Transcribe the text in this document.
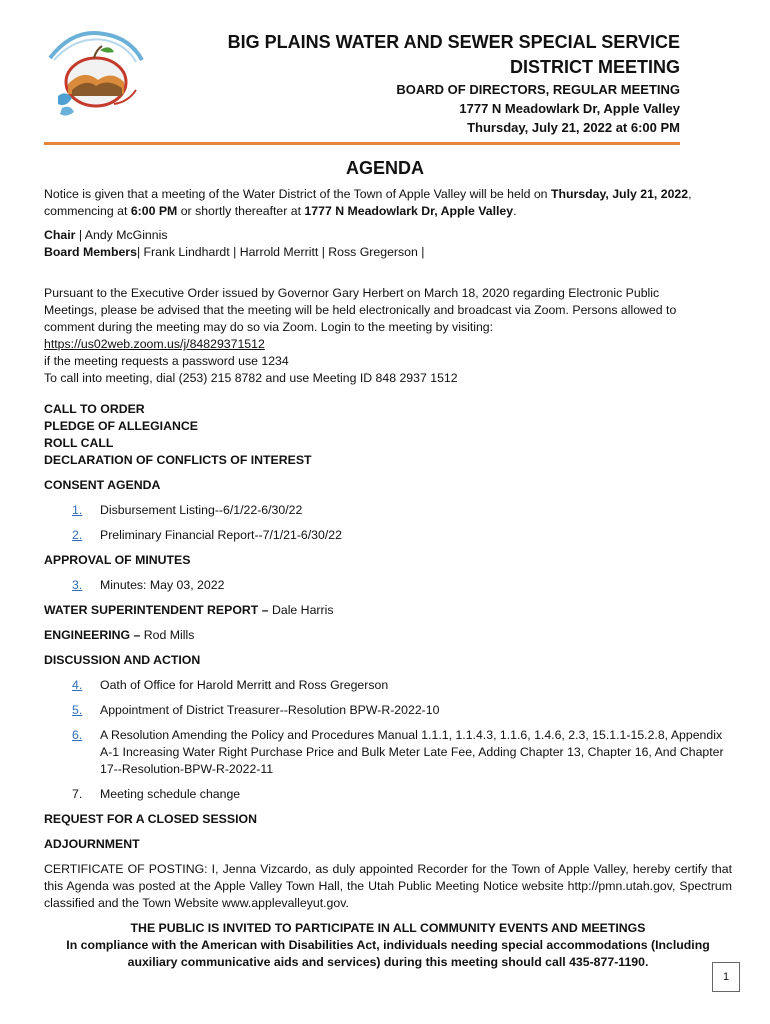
BIG PLAINS WATER AND SEWER SPECIAL SERVICE

DISTRICT MEETING

BOARD OF DIRECTORS, REGULAR MEETING

1777 N Meadowlark Dr, Apple Valley

Thursday, July 21, 2022 at 6:00 PM

AGENDA

Notice is given that a meeting of the Water District of the Town of Apple Valley will be held on Thursday, July 21, 2022,
commencing at 6:00 PM or shortly thereafter at 1777 N Meadowlark Dr, Apple Valley.

Chair | Andy McGinnis

Board Members| Frank Lindhardt | Harrold Merritt | Ross Gregerson |

Pursuant to the Executive Order issued by Governor Gary Herbert on March 18, 2020 regarding Electronic Public

Meetings, please be advised that the meeting will be held electronically and broadcast via Zoom. Persons allowed to

comment during the meeting may do so via Zoom. Login to the meeting by visiting:

https://us02web.zoom.us/j/84829371512

if the meeting requests a password use 1234

To call into meeting, dial (253) 215 8782 and use Meeting ID 848 2937 1512

CALL TO ORDER

PLEDGE OF ALLEGIANCE

ROLL CALL

DECLARATION OF CONFLICTS OF INTEREST

CONSENT AGENDA

1.	Disbursement Listing--6/1/22-6/30/22
2.	Preliminary Financial Report--7/1/21-6/30/22

APPROVAL OF MINUTES

3.	Minutes: May 03, 2022

WATER SUPERINTENDENT REPORT – Dale Harris

ENGINEERING – Rod Mills

DISCUSSION AND ACTION

4.	Oath of Office for Harold Merritt and Ross Gregerson
5.	Appointment of District Treasurer--Resolution BPW-R-2022-10
6.	A Resolution Amending the Policy and Procedures Manual 1.1.1, 1.1.4.3, 1.1.6, 1.4.6, 2.3, 15.1.1-15.2.8, Appendix A-1 Increasing Water Right Purchase Price and Bulk Meter Late Fee, Adding Chapter 13, Chapter 16, And Chapter 17--Resolution-BPW-R-2022-11
7.	Meeting schedule change

REQUEST FOR A CLOSED SESSION

ADJOURNMENT

CERTIFICATE OF POSTING: I, Jenna Vizcardo, as duly appointed Recorder for the Town of Apple Valley, hereby certify that this Agenda was posted at the Apple Valley Town Hall, the Utah Public Meeting Notice website http://pmn.utah.gov, Spectrum classified and the Town Website www.applevalleyut.gov.

THE PUBLIC IS INVITED TO PARTICIPATE IN ALL COMMUNITY EVENTS AND MEETINGS

In compliance with the American with Disabilities Act, individuals needing special accommodations (Including

auxiliary communicative aids and services) during this meeting should call 435-877-1190.

1
